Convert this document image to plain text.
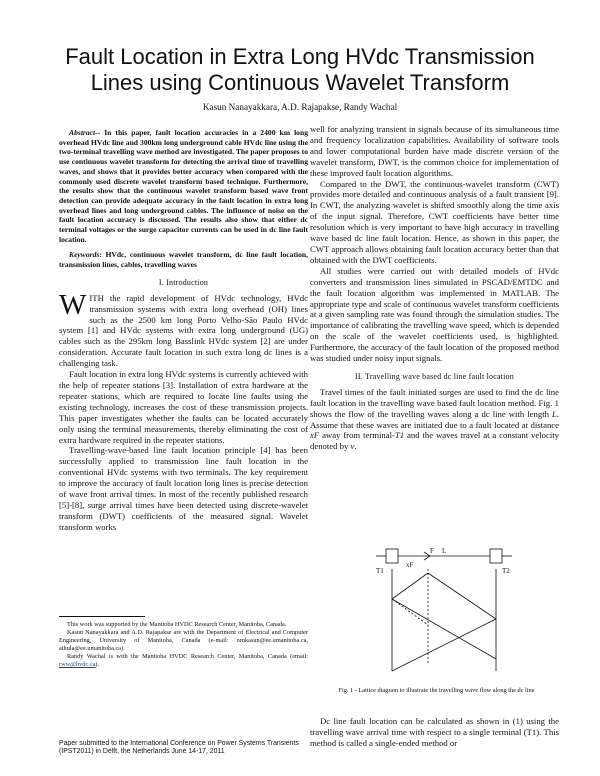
Fault Location in Extra Long HVdc Transmission
Lines using Continuous Wavelet Transform
Kasun Nanayakkara, A.D. Rajapakse, Randy Wachal

Abstract-- In this paper, fault location accuracies in a 2400 km long overhead HVdc line and 300km long underground cable HVdc line using the two-terminal travelling wave method are investigated. The paper proposes to use continuous wavelet transform for detecting the arrival time of travelling waves, and shows that it provides better accuracy when compared with the commonly used discrete wavelet transform based technique. Furthermore, the results show that the continuous wavelet transform based wave front detection can provide adequate accuracy in the fault location in extra long overhead lines and long underground cables. The influence of noise on the fault location accuracy is discussed. The results also show that either dc terminal voltages or the surge capacitor currents can be used in dc line fault location.

Keywords: HVdc, continuous wavelet transform, dc line fault location, transmission lines, cables, travelling waves

I. Introduction

WITH the rapid development of HVdc technology, HVdc transmission systems with extra long overhead (OH) lines such as the 2500 km long Porto Velho-São Paulo HVdc system [1] and HVdc systems with extra long underground (UG) cables such as the 295km long Basslink HVdc system [2] are under consideration. Accurate fault location in such extra long dc lines is a challenging task.

Fault location in extra long HVdc systems is currently achieved with the help of repeater stations [3]. Installation of extra hardware at the repeater stations, which are required to locate line faults using the existing technology, increases the cost of these transmission projects. This paper investigates whether the faults can be located accurately only using the terminal measurements, thereby eliminating the cost of extra hardware required in the repeater stations.

Travelling-wave-based line fault location principle [4] has been successfully applied to transmission line fault location in the conventional HVdc systems with two terminals. The key requirement to improve the accuracy of fault location long lines is precise detection of wave front arrival times. In most of the recently published research [5]-[8], surge arrival times have been detected using discrete-wavelet transform (DWT) coefficients of the measured signal. Wavelet transform works

well for analyzing transient in signals because of its simultaneous time and frequency localization capabilities. Availability of software tools and lower computational burden have made discrete version of the wavelet transform, DWT, is the common choice for implementation of these improved fault location algorithms.

Compared to the DWT, the continuous-wavelet transform (CWT) provides more detailed and continuous analysis of a fault transient [9]. In CWT, the analyzing wavelet is shifted smoothly along the time axis of the input signal. Therefore, CWT coefficients have better time resolution which is very important to have high accuracy in travelling wave based dc line fault location. Hence, as shown in this paper, the CWT approach allows obtaining fault location accuracy better than that obtained with the DWT coefficients.

All studies were carried out with detailed models of HVdc converters and transmission lines simulated in PSCAD/EMTDC and the fault location algorithm was implemented in MATLAB. The appropriate type and scale of continuous wavelet transform coefficients at a given sampling rate was found through the simulation studies. The importance of calibrating the travelling wave speed, which is depended on the scale of the wavelet coefficients used, is highlighted. Furthermore, the accuracy of the fault location of the proposed method was studied under noisy input signals.

II. Travelling wave based dc line fault location

Travel times of the fault initiated surges are used to find the dc line fault location in the travelling wave based fault location method. Fig. 1 shows the flow of the travelling waves along a dc line with length L. Assume that these waves are initiated due to a fault located at distance xF away from terminal-T1 and the waves travel at a constant velocity denoted by v.

T1	T2
F L
xF
Fig. 1 - Lattice diagram to illustrate the travelling wave flow along the dc line

Dc line fault location can be calculated as shown in (1) using the travelling wave arrival time with respect to a single terminal (T1). This method is called a single-ended method or

This work was supported by the Manitoba HVDC Research Center, Manitoba, Canada.

Kasun Nanayakkara and A.D. Rajapakse are with the Department of Electrical and Computer Engineering, University of Manitoba, Canada (e-mail: ornkasun@ee.umanitoba.ca, athula@ee.umanitoba.ca).

Randy Wachal is with the Manitoba HVDC Research Center, Manitoba, Canada (email: rww@hvdc.ca).

Paper submitted to the International Conference on Power Systems Transients (IPST2011) in Delft, the Netherlands June 14-17, 2011
